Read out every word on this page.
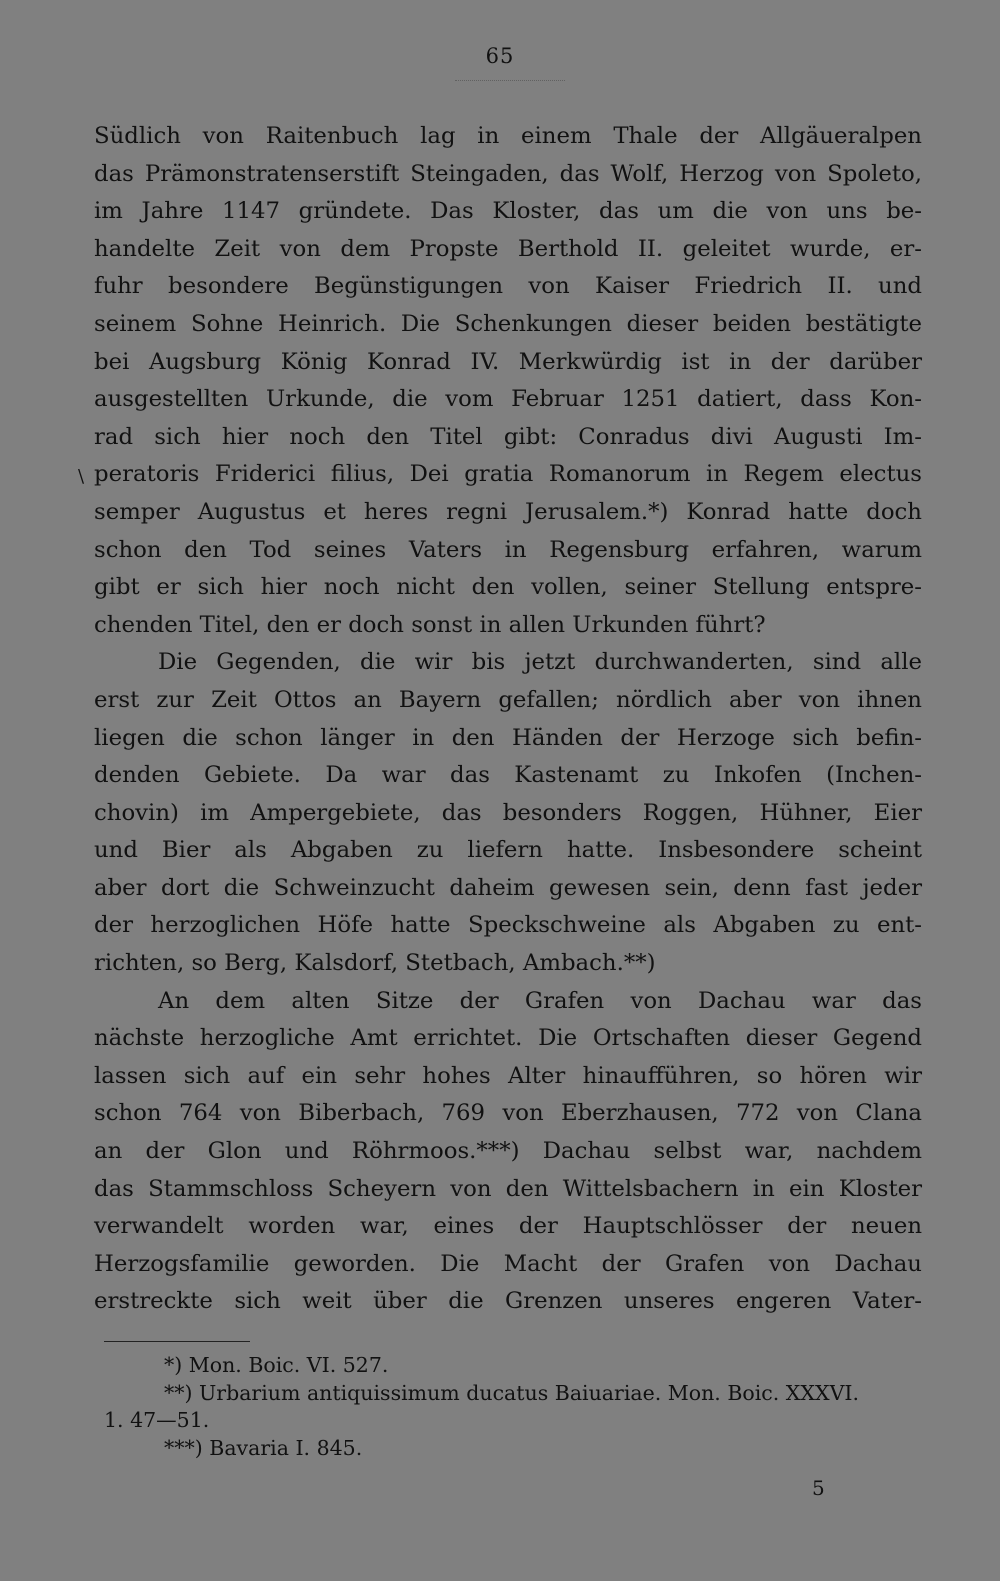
65
\
Südlich von Raitenbuch lag in einem Thale der Allgäueralpen
das Prämonstratenserstift Steingaden, das Wolf, Herzog von Spoleto,
im Jahre 1147 gründete. Das Kloster, das um die von uns be-
handelte Zeit von dem Propste Berthold II. geleitet wurde, er-
fuhr besondere Begünstigungen von Kaiser Friedrich II. und
seinem Sohne Heinrich. Die Schenkungen dieser beiden bestätigte
bei Augsburg König Konrad IV. Merkwürdig ist in der darüber
ausgestellten Urkunde, die vom Februar 1251 datiert, dass Kon-
rad sich hier noch den Titel gibt: Conradus divi Augusti Im-
peratoris Friderici filius, Dei gratia Romanorum in Regem electus
semper Augustus et heres regni Jerusalem.*) Konrad hatte doch
schon den Tod seines Vaters in Regensburg erfahren, warum
gibt er sich hier noch nicht den vollen, seiner Stellung entspre-
chenden Titel, den er doch sonst in allen Urkunden führt?
Die Gegenden, die wir bis jetzt durchwanderten, sind alle
erst zur Zeit Ottos an Bayern gefallen; nördlich aber von ihnen
liegen die schon länger in den Händen der Herzoge sich befin-
denden Gebiete. Da war das Kastenamt zu Inkofen (Inchen-
chovin) im Ampergebiete, das besonders Roggen, Hühner, Eier
und Bier als Abgaben zu liefern hatte. Insbesondere scheint
aber dort die Schweinzucht daheim gewesen sein, denn fast jeder
der herzoglichen Höfe hatte Speckschweine als Abgaben zu ent-
richten, so Berg, Kalsdorf, Stetbach, Ambach.**)
An dem alten Sitze der Grafen von Dachau war das
nächste herzogliche Amt errichtet. Die Ortschaften dieser Gegend
lassen sich auf ein sehr hohes Alter hinaufführen, so hören wir
schon 764 von Biberbach, 769 von Eberzhausen, 772 von Clana
an der Glon und Röhrmoos.***) Dachau selbst war, nachdem
das Stammschloss Scheyern von den Wittelsbachern in ein Kloster
verwandelt worden war, eines der Hauptschlösser der neuen
Herzogsfamilie geworden. Die Macht der Grafen von Dachau
erstreckte sich weit über die Grenzen unseres engeren Vater-
*) Mon. Boic. VI. 527.
**) Urbarium antiquissimum ducatus Baiuariae. Mon. Boic. XXXVI.
1. 47—51.
***) Bavaria I. 845.
5
